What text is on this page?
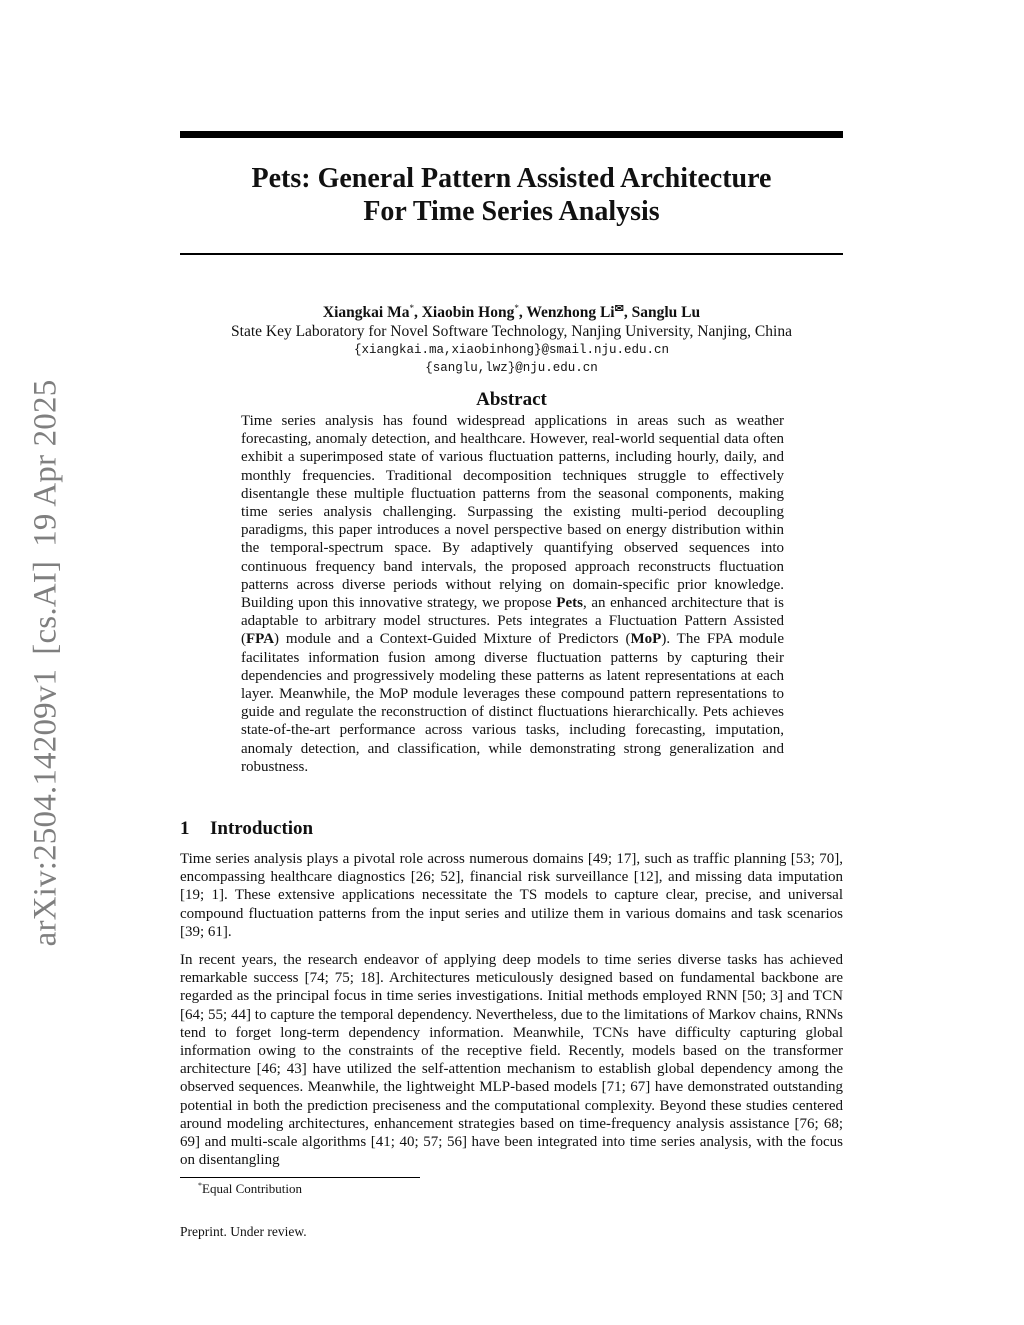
arXiv:2504.14209v1[cs.AI]19 Apr 2025
Pets: General Pattern Assisted Architecture
For Time Series Analysis
Xiangkai Ma*, Xiaobin Hong*, Wenzhong Li✉, Sanglu Lu
State Key Laboratory for Novel Software Technology, Nanjing University, Nanjing, China
{xiangkai.ma,xiaobinhong}@smail.nju.edu.cn
{sanglu,lwz}@nju.edu.cn
Abstract
Time series analysis has found widespread applications in areas such as weather forecasting, anomaly detection, and healthcare. However, real-world sequential data often exhibit a superimposed state of various fluctuation patterns, including hourly, daily, and monthly frequencies. Traditional decomposition techniques struggle to effectively disentangle these multiple fluctuation patterns from the seasonal components, making time series analysis challenging. Surpassing the existing multi-period decoupling paradigms, this paper introduces a novel perspective based on energy distribution within the temporal-spectrum space. By adaptively quantifying observed sequences into continuous frequency band intervals, the proposed approach reconstructs fluctuation patterns across diverse periods without relying on domain-specific prior knowledge. Building upon this innovative strategy, we propose Pets, an enhanced architecture that is adaptable to arbitrary model structures. Pets integrates a Fluctuation Pattern Assisted (FPA) module and a Context-Guided Mixture of Predictors (MoP). The FPA module facilitates information fusion among diverse fluctuation patterns by capturing their dependencies and progressively modeling these patterns as latent representations at each layer. Meanwhile, the MoP module leverages these compound pattern representations to guide and regulate the reconstruction of distinct fluctuations hierarchically. Pets achieves state-of-the-art performance across various tasks, including forecasting, imputation, anomaly detection, and classification, while demonstrating strong generalization and robustness.
1 Introduction
Time series analysis plays a pivotal role across numerous domains [49; 17], such as traffic planning [53; 70], encompassing healthcare diagnostics [26; 52], financial risk surveillance [12], and missing data imputation [19; 1]. These extensive applications necessitate the TS models to capture clear, precise, and universal compound fluctuation patterns from the input series and utilize them in various domains and task scenarios [39; 61].
In recent years, the research endeavor of applying deep models to time series diverse tasks has achieved remarkable success [74; 75; 18]. Architectures meticulously designed based on fundamental backbone are regarded as the principal focus in time series investigations. Initial methods employed RNN [50; 3] and TCN [64; 55; 44] to capture the temporal dependency. Nevertheless, due to the limitations of Markov chains, RNNs tend to forget long-term dependency information. Meanwhile, TCNs have difficulty capturing global information owing to the constraints of the receptive field. Recently, models based on the transformer architecture [46; 43] have utilized the self-attention mechanism to establish global dependency among the observed sequences. Meanwhile, the lightweight MLP-based models [71; 67] have demonstrated outstanding potential in both the prediction preciseness and the computational complexity. Beyond these studies centered around modeling architectures, enhancement strategies based on time-frequency analysis assistance [76; 68; 69] and multi-scale algorithms [41; 40; 57; 56] have been integrated into time series analysis, with the focus on disentangling
*Equal Contribution
Preprint. Under review.
